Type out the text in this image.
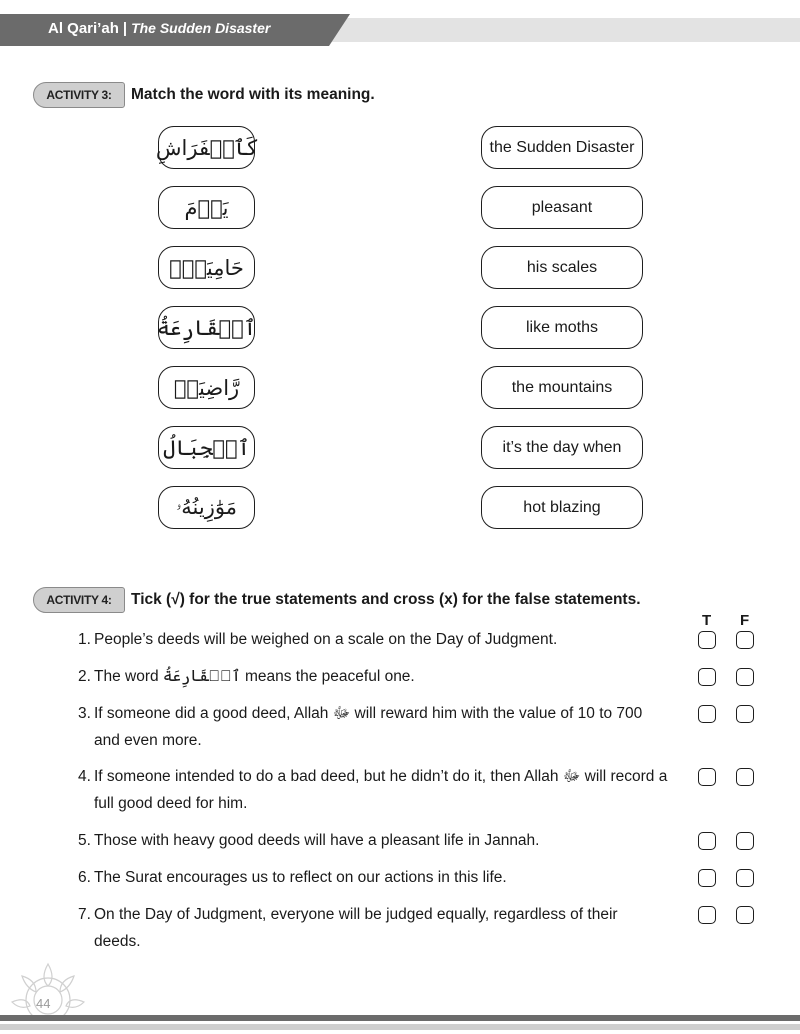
Al Qari’ah | The Sudden Disaster
ACTIVITY 3:	Match the word with its meaning.
كَٱلۡفَرَاشِ
يَوۡمَ
حَامِيَةُۢ
ٱلۡقَارِعَةُ
رَّاضِيَةٖ
ٱلۡجِبَالُ
مَوَٰزِينُهُۥ
the Sudden Disaster
pleasant
his scales
like moths
the mountains
it’s the day when
hot blazing
ACTIVITY 4:	Tick (√) for the true statements and cross (x) for the false statements.
T F
1. People’s deeds will be weighed on a scale on the Day of Judgment.
2. The word ٱلۡقَارِعَةُ means the peaceful one.
3. If someone did a good deed, Allah ﷻ will reward him with the value of 10 to 700 and even more.
4. If someone intended to do a bad deed, but he didn’t do it, then Allah ﷻ will record a full good deed for him.
5. Those with heavy good deeds will have a pleasant life in Jannah.
6. The Surat encourages us to reflect on our actions in this life.
7. On the Day of Judgment, everyone will be judged equally, regardless of their deeds.
44
